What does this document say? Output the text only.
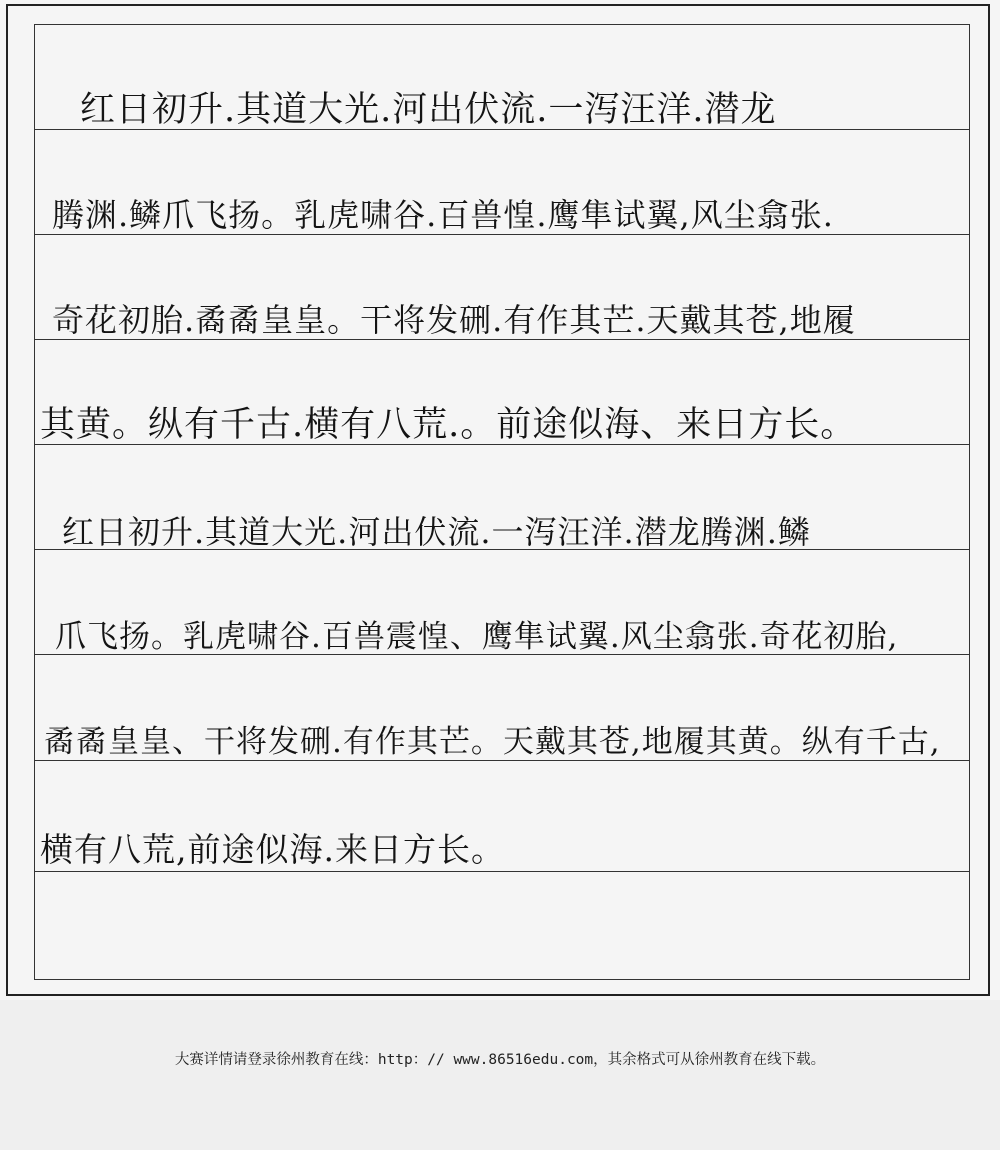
红日初升.其道大光.河出伏流.一泻汪洋.潜龙
腾渊.鳞爪飞扬。乳虎啸谷.百兽惶.鹰隼试翼,风尘翕张.
奇花初胎.矞矞皇皇。干将发硎.有作其芒.天戴其苍,地履
其黄。纵有千古.横有八荒.。前途似海、来日方长。
红日初升.其道大光.河出伏流.一泻汪洋.潜龙腾渊.鳞
爪飞扬。乳虎啸谷.百兽震惶、鹰隼试翼.风尘翕张.奇花初胎,
矞矞皇皇、干将发硎.有作其芒。天戴其苍,地履其黄。纵有千古,
横有八荒,前途似海.来日方长。
大赛详情请登录徐州教育在线：http：// www.86516edu.com，其余格式可从徐州教育在线下载。
